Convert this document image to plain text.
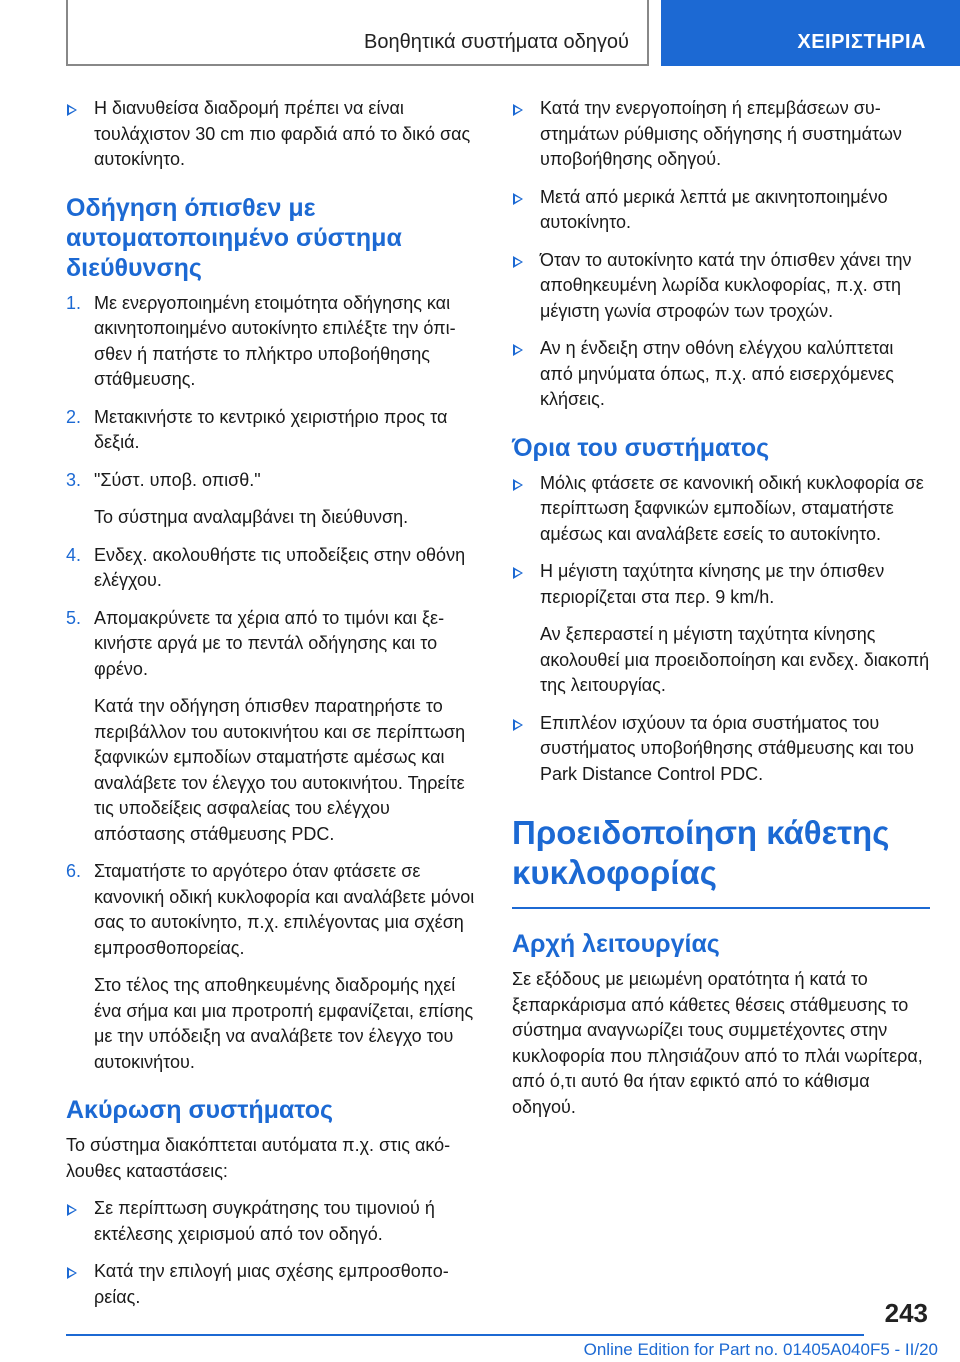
Βοηθητικά συστήματα οδηγού	ΧΕΙΡΙΣΤΗΡΙΑ
Η διανυθείσα διαδρομή πρέπει να είναι τουλάχιστον 30 cm πιο φαρδιά από το δικό σας αυτοκίνητο.
Οδήγηση όπισθεν με αυτοματοποιημένο σύστημα διεύθυνσης
1. Με ενεργοποιημένη ετοιμότητα οδήγησης και ακινητοποιημένο αυτοκίνητο επιλέξτε την όπισθεν ή πατήστε το πλήκτρο υποβοήθησης στάθμευσης.
2. Μετακινήστε το κεντρικό χειριστήριο προς τα δεξιά.
3. "Σύστ. υποβ. οπισθ."
Το σύστημα αναλαμβάνει τη διεύθυνση.
4. Ενδεχ. ακολουθήστε τις υποδείξεις στην οθόνη ελέγχου.
5. Απομακρύνετε τα χέρια από το τιμόνι και ξεκινήστε αργά με το πεντάλ οδήγησης και το φρένο.
Κατά την οδήγηση όπισθεν παρατηρήστε το περιβάλλον του αυτοκινήτου και σε περίπτωση ξαφνικών εμποδίων σταματήστε αμέσως και αναλάβετε τον έλεγχο του αυτοκινήτου. Τηρείτε τις υποδείξεις ασφαλείας του ελέγχου απόστασης στάθμευσης PDC.
6. Σταματήστε το αργότερο όταν φτάσετε σε κανονική οδική κυκλοφορία και αναλάβετε μόνοι σας το αυτοκίνητο, π.χ. επιλέγοντας μια σχέση εμπροσθοπορείας.
Στο τέλος της αποθηκευμένης διαδρομής ηχεί ένα σήμα και μια προτροπή εμφανίζεται, επίσης με την υπόδειξη να αναλάβετε τον έλεγχο του αυτοκινήτου.
Ακύρωση συστήματος

Το σύστημα διακόπτεται αυτόματα π.χ. στις ακόλουθες καταστάσεις:

Σε περίπτωση συγκράτησης του τιμονιού ή εκτέλεσης χειρισμού από τον οδηγό.
Κατά την επιλογή μιας σχέσης εμπροσθοπορείας.
Κατά την ενεργοποίηση ή επεμβάσεων συστημάτων ρύθμισης οδήγησης ή συστημάτων υποβοήθησης οδηγού.
Μετά από μερικά λεπτά με ακινητοποιημένο αυτοκίνητο.
Όταν το αυτοκίνητο κατά την όπισθεν χάνει την αποθηκευμένη λωρίδα κυκλοφορίας, π.χ. στη μέγιστη γωνία στροφών των τροχών.
Αν η ένδειξη στην οθόνη ελέγχου καλύπτεται από μηνύματα όπως, π.χ. από εισερχόμενες κλήσεις.
Όρια του συστήματος
Μόλις φτάσετε σε κανονική οδική κυκλοφορία σε περίπτωση ξαφνικών εμποδίων, σταματήστε αμέσως και αναλάβετε εσείς το αυτοκίνητο.
Η μέγιστη ταχύτητα κίνησης με την όπισθεν περιορίζεται στα περ. 9 km/h.
Αν ξεπεραστεί η μέγιστη ταχύτητα κίνησης ακολουθεί μια προειδοποίηση και ενδεχ. διακοπή της λειτουργίας.
Επιπλέον ισχύουν τα όρια συστήματος του συστήματος υποβοήθησης στάθμευσης και του Park Distance Control PDC.
Προειδοποίηση κάθετης κυκλοφορίας
Αρχή λειτουργίας

Σε εξόδους με μειωμένη ορατότητα ή κατά το ξεπαρκάρισμα από κάθετες θέσεις στάθμευσης το σύστημα αναγνωρίζει τους συμμετέχοντες στην κυκλοφορία που πλησιάζουν από το πλάι νωρίτερα, από ό,τι αυτό θα ήταν εφικτό από το κάθισμα οδηγού.

243
Online Edition for Part no. 01405A040F5 - II/20
